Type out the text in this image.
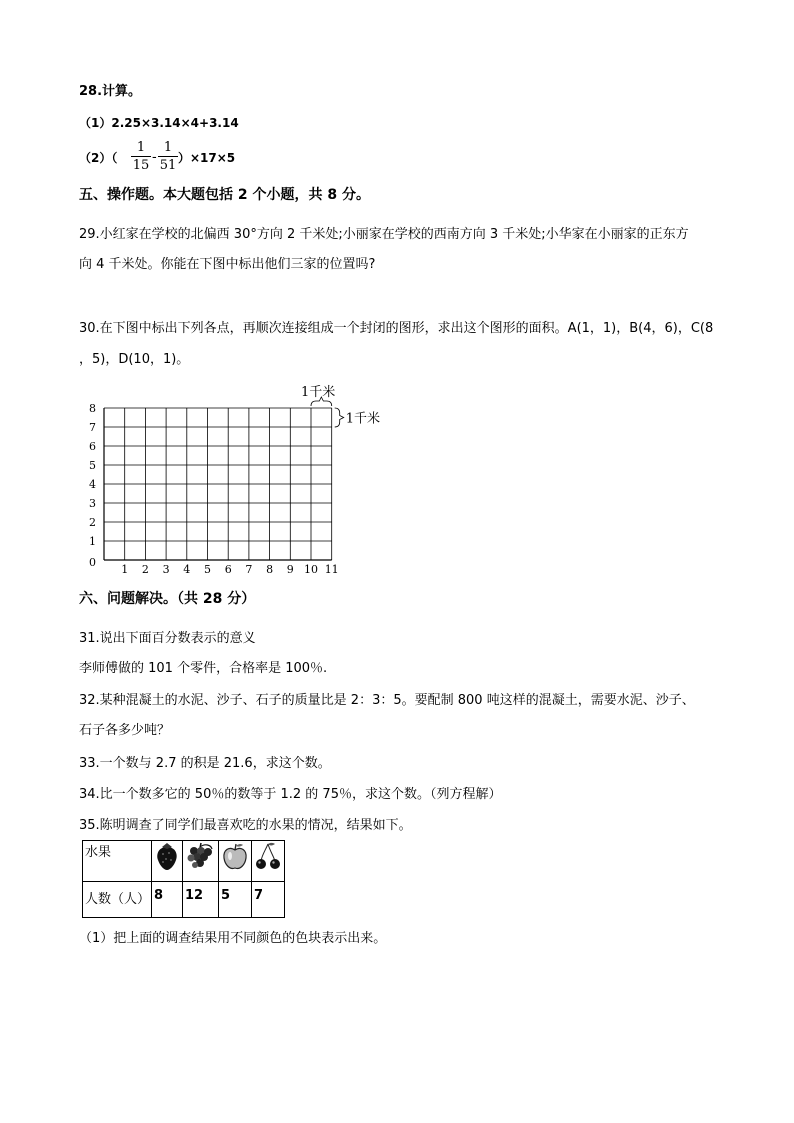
28.计算。
（1）2.25×3.14×4+3.14
（2）（
1
15
-
1
51 ）×17×5
五、操作题。本大题包括 2 个小题，共 8 分。
29.小红家在学校的北偏西 30°方向 2 千米处;小丽家在学校的西南方向 3 千米处;小华家在小丽家的正东方
向 4 千米处。你能在下图中标出他们三家的位置吗?
30.在下图中标出下列各点，再顺次连接组成一个封闭的图形，求出这个图形的面积。A(1，1)，B(4，6)，C(8
，5)，D(10，1)。
1 2 3 4 5 6 7 8 9 10 11
0
1
2
3
4
5
6
7
8
1千米
1千米
六、问题解决。（共 28 分）
31.说出下面百分数表示的意义
李师傅做的 101 个零件，合格率是 100％.
32.某种混凝土的水泥、沙子、石子的质量比是 2：3：5。要配制 800 吨这样的混凝土，需要水泥、沙子、
石子各多少吨？
33.一个数与 2.7 的积是 21.6，求这个数。
34.比一个数多它的 50％的数等于 1.2 的 75％，求这个数。（列方程解）
35.陈明调查了同学们最喜欢吃的水果的情况，结果如下。
水果	

人数（人）	8	12	5	7
（1）把上面的调查结果用不同颜色的色块表示出来。
